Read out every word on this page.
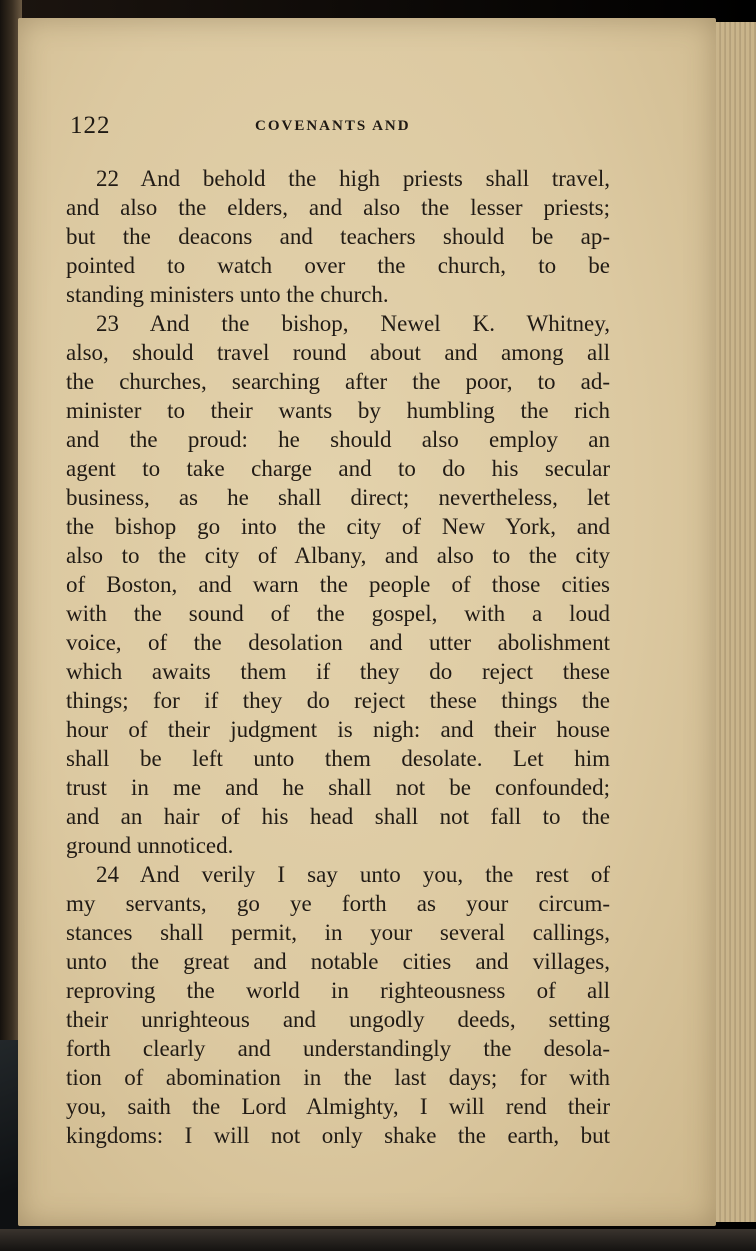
122	COVENANTS AND
22 And behold the high priests shall travel,
and also the elders, and also the lesser priests;
but the deacons and teachers should be ap-
pointed to watch over the church, to be
standing ministers unto the church.
23 And the bishop, Newel K. Whitney,
also, should travel round about and among all
the churches, searching after the poor, to ad-
minister to their wants by humbling the rich
and the proud: he should also employ an
agent to take charge and to do his secular
business, as he shall direct; nevertheless, let
the bishop go into the city of New York, and
also to the city of Albany, and also to the city
of Boston, and warn the people of those cities
with the sound of the gospel, with a loud
voice, of the desolation and utter abolishment
which awaits them if they do reject these
things; for if they do reject these things the
hour of their judgment is nigh: and their house
shall be left unto them desolate. Let him
trust in me and he shall not be confounded;
and an hair of his head shall not fall to the
ground unnoticed.
24 And verily I say unto you, the rest of
my servants, go ye forth as your circum-
stances shall permit, in your several callings,
unto the great and notable cities and villages,
reproving the world in righteousness of all
their unrighteous and ungodly deeds, setting
forth clearly and understandingly the desola-
tion of abomination in the last days; for with
you, saith the Lord Almighty, I will rend their
kingdoms: I will not only shake the earth, but
